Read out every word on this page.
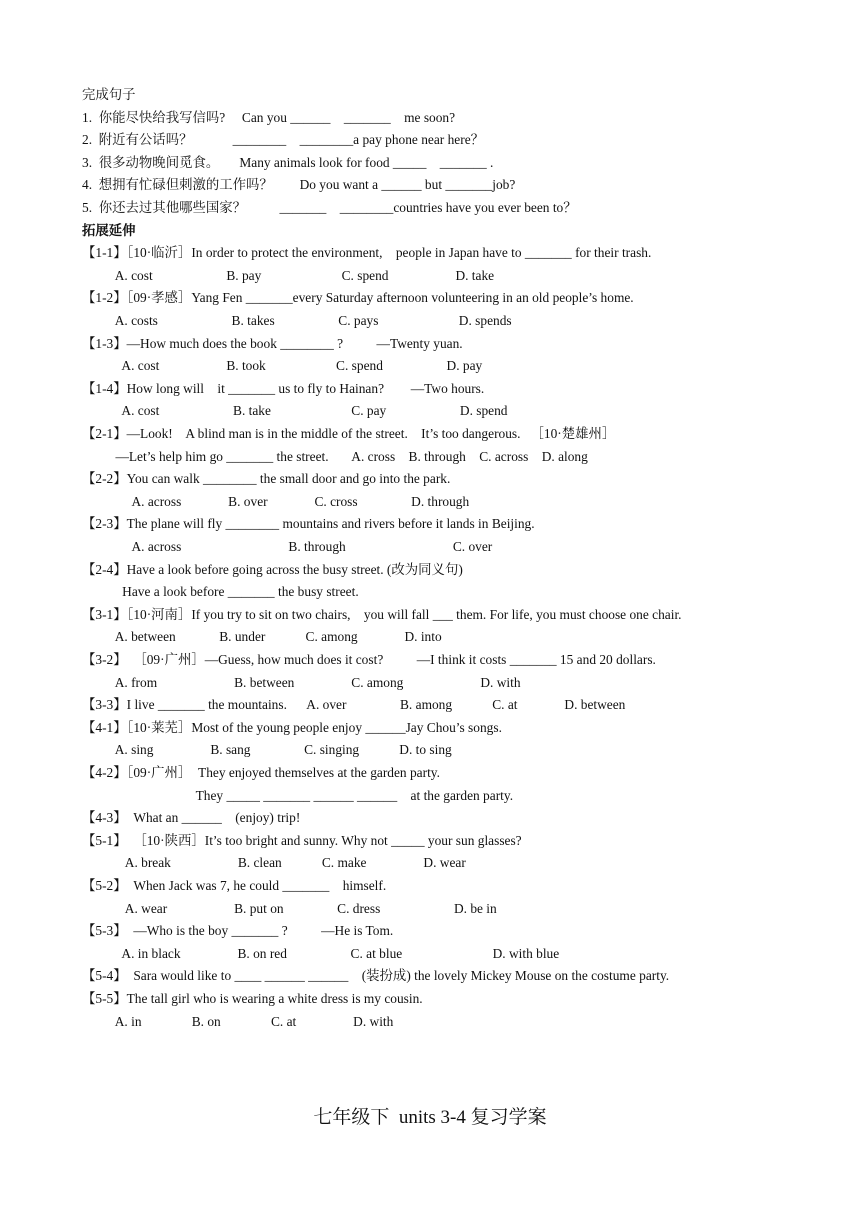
完成句子
1.  你能尽快给我写信吗?     Can you ______    _______    me soon?
2.  附近有公话吗？            ________    ________a pay phone near here？
3.  很多动物晚间觅食。      Many animals look for food _____    _______ .
4.  想拥有忙碌但刺激的工作吗？        Do you want a ______ but _______job?
5.  你还去过其他哪些国家？          _______    ________countries have you ever been to？
拓展延伸
【1-1】［10·临沂］In order to protect the environment,    people in Japan have to _______ for their trash.
A. cost                      B. pay                        C. spend                    D. take
【1-2】［09·孝感］Yang Fen _______every Saturday afternoon volunteering in an old people’s home.
A. costs                      B. takes                   C. pays                        D. spends
【1-3】—How much does the book ________ ?          —Twenty yuan.
A. cost                    B. took                     C. spend                   D. pay
【1-4】How long will    it _______ us to fly to Hainan?        —Two hours.
A. cost                      B. take                        C. pay                      D. spend
【2-1】—Look!    A blind man is in the middle of the street.    It’s too dangerous.   ［10·楚雄州］
—Let’s help him go _______ the street.       A. cross    B. through    C. across    D. along
【2-2】You can walk ________ the small door and go into the park.
A. across              B. over              C. cross                D. through
【2-3】The plane will fly ________ mountains and rivers before it lands in Beijing.
A. across                                B. through                                C. over
【2-4】Have a look before going across the busy street. (改为同义句)
Have a look before _______ the busy street.
【3-1】［10·河南］If you try to sit on two chairs,    you will fall ___ them. For life, you must choose one chair.
A. between             B. under            C. among              D. into
【3-2】  ［09·广州］—Guess, how much does it cost?          —I think it costs _______ 15 and 20 dollars.
A. from                       B. between                 C. among                       D. with
【3-3】I live _______ the mountains.      A. over                B. among            C. at              D. between
【4-1】［10·莱芜］Most of the young people enjoy ______Jay Chou’s songs.
A. sing                 B. sang                C. singing            D. to sing
【4-2】［09·广州］  They enjoyed themselves at the garden party.
They _____ _______ ______ ______    at the garden party.
【4-3】  What an ______    (enjoy) trip!
【5-1】  ［10·陕西］It’s too bright and sunny. Why not _____ your sun glasses?
A. break                    B. clean            C. make                 D. wear
【5-2】  When Jack was 7, he could _______    himself.
A. wear                    B. put on                C. dress                      D. be in
【5-3】  —Who is the boy _______ ?          —He is Tom.
A. in black                 B. on red                   C. at blue                           D. with blue
【5-4】  Sara would like to ____ ______ ______    (装扮成) the lovely Mickey Mouse on the costume party.
【5-5】The tall girl who is wearing a white dress is my cousin.
A. in               B. on               C. at                 D. with
七年级下  units 3-4 复习学案
